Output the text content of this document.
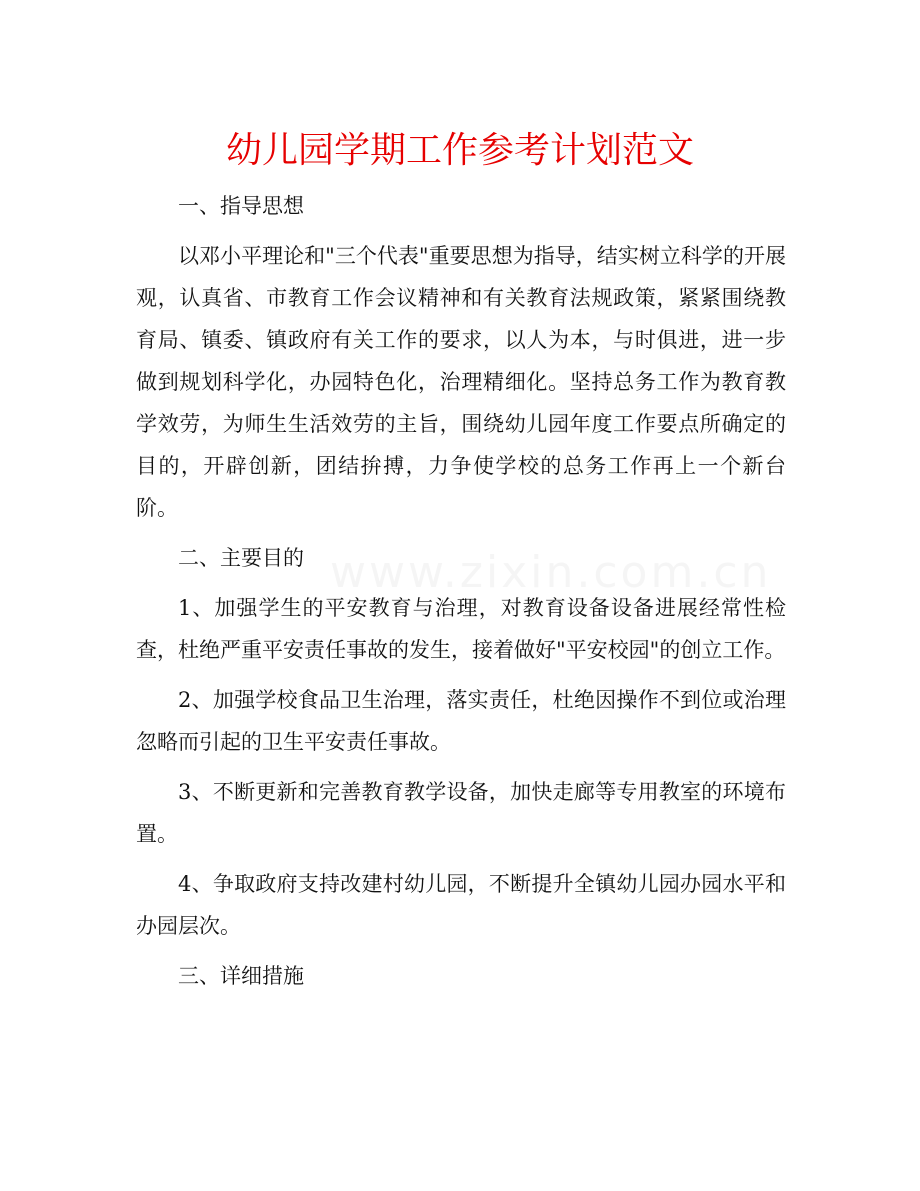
www.zixin.com.cn
幼儿园学期工作参考计划范文

一、指导思想

以邓小平理论和"三个代表"重要思想为指导，结实树立科学的开展观，认真省、市教育工作会议精神和有关教育法规政策，紧紧围绕教育局、镇委、镇政府有关工作的要求，以人为本，与时俱进，进一步做到规划科学化，办园特色化，治理精细化。坚持总务工作为教育教学效劳，为师生生活效劳的主旨，围绕幼儿园年度工作要点所确定的目的，开辟创新，团结拚搏，力争使学校的总务工作再上一个新台阶。

二、主要目的

1、加强学生的平安教育与治理，对教育设备设备进展经常性检查，杜绝严重平安责任事故的发生，接着做好"平安校园"的创立工作。

2、加强学校食品卫生治理，落实责任，杜绝因操作不到位或治理忽略而引起的卫生平安责任事故。

3、不断更新和完善教育教学设备，加快走廊等专用教室的环境布置。

4、争取政府支持改建村幼儿园，不断提升全镇幼儿园办园水平和办园层次。

三、详细措施
